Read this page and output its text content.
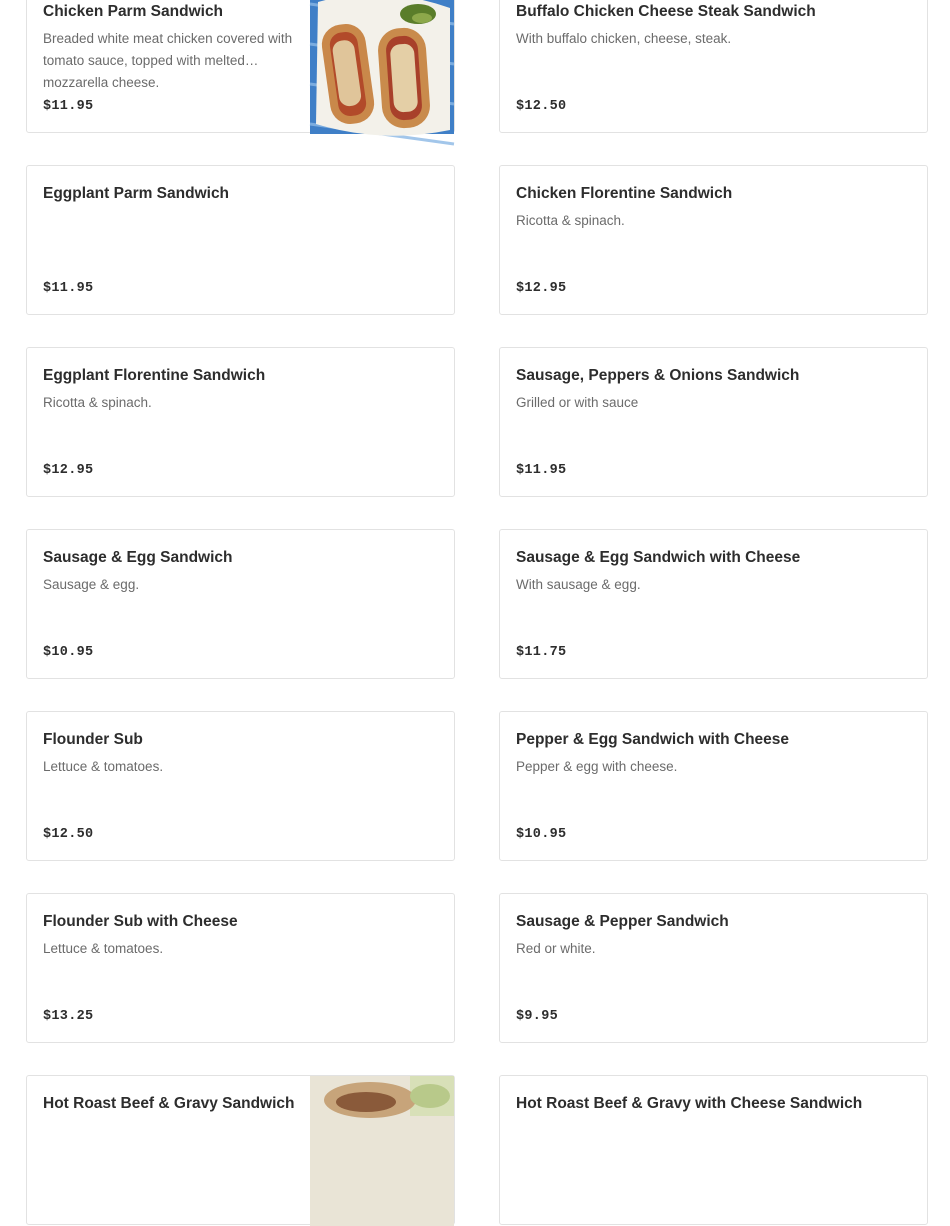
Chicken Parm Sandwich
Breaded white meat chicken covered with tomato sauce, topped with melted mozzarella cheese.
$11.95
Buffalo Chicken Cheese Steak Sandwich
With buffalo chicken, cheese, steak.
$12.50
Eggplant Parm Sandwich
$11.95
Chicken Florentine Sandwich
Ricotta & spinach.
$12.95
Eggplant Florentine Sandwich
Ricotta & spinach.
$12.95
Sausage, Peppers & Onions Sandwich
Grilled or with sauce
$11.95
Sausage & Egg Sandwich
Sausage & egg.
$10.95
Sausage & Egg Sandwich with Cheese
With sausage & egg.
$11.75
Flounder Sub
Lettuce & tomatoes.
$12.50
Pepper & Egg Sandwich with Cheese
Pepper & egg with cheese.
$10.95
Flounder Sub with Cheese
Lettuce & tomatoes.
$13.25
Sausage & Pepper Sandwich
Red or white.
$9.95
Hot Roast Beef & Gravy Sandwich	Hot Roast Beef & Gravy with Cheese Sandwich
